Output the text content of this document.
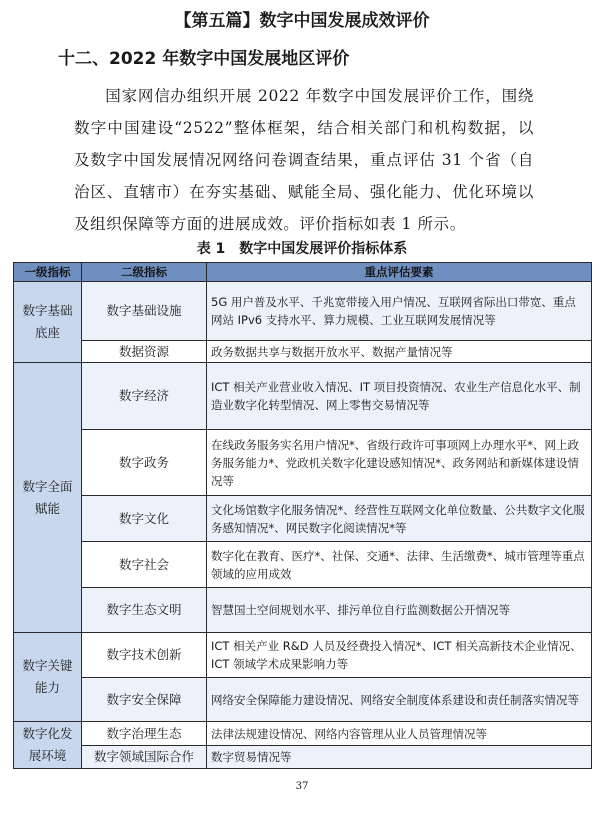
【第五篇】数字中国发展成效评价
十二、2022 年数字中国发展地区评价
国家网信办组织开展 2022 年数字中国发展评价工作，围绕数字中国建设“2522”整体框架，结合相关部门和机构数据，以及数字中国发展情况网络问卷调查结果，重点评估 31 个省（自治区、直辖市）在夯实基础、赋能全局、强化能力、优化环境以及组织保障等方面的进展成效。评价指标如表 1 所示。
表 1　数字中国发展评价指标体系
一级指标	二级指标	重点评估要素
数字基础底座	数字基础设施	5G 用户普及水平、千兆宽带接入用户情况、互联网省际出口带宽、重点网站 IPv6 支持水平、算力规模、工业互联网发展情况等
	数据资源	政务数据共享与数据开放水平、数据产量情况等
数字全面赋能	数字经济	ICT 相关产业营业收入情况、IT 项目投资情况、农业生产信息化水平、制造业数字化转型情况、网上零售交易情况等
	数字政务	在线政务服务实名用户情况*、省级行政许可事项网上办理水平*、网上政务服务能力*、党政机关数字化建设感知情况*、政务网站和新媒体建设情况等
	数字文化	文化场馆数字化服务情况*、经营性互联网文化单位数量、公共数字文化服务感知情况*、网民数字化阅读情况*等
	数字社会	数字化在教育、医疗*、社保、交通*、法律、生活缴费*、城市管理等重点领域的应用成效
	数字生态文明	智慧国土空间规划水平、排污单位自行监测数据公开情况等
数字关键能力	数字技术创新	ICT 相关产业 R&D 人员及经费投入情况*、ICT 相关高新技术企业情况、ICT 领域学术成果影响力等
	数字安全保障	网络安全保障能力建设情况、网络安全制度体系建设和责任制落实情况等
数字化发展环境	数字治理生态	法律法规建设情况、网络内容管理从业人员管理情况等
	数字领域国际合作	数字贸易情况等
37
